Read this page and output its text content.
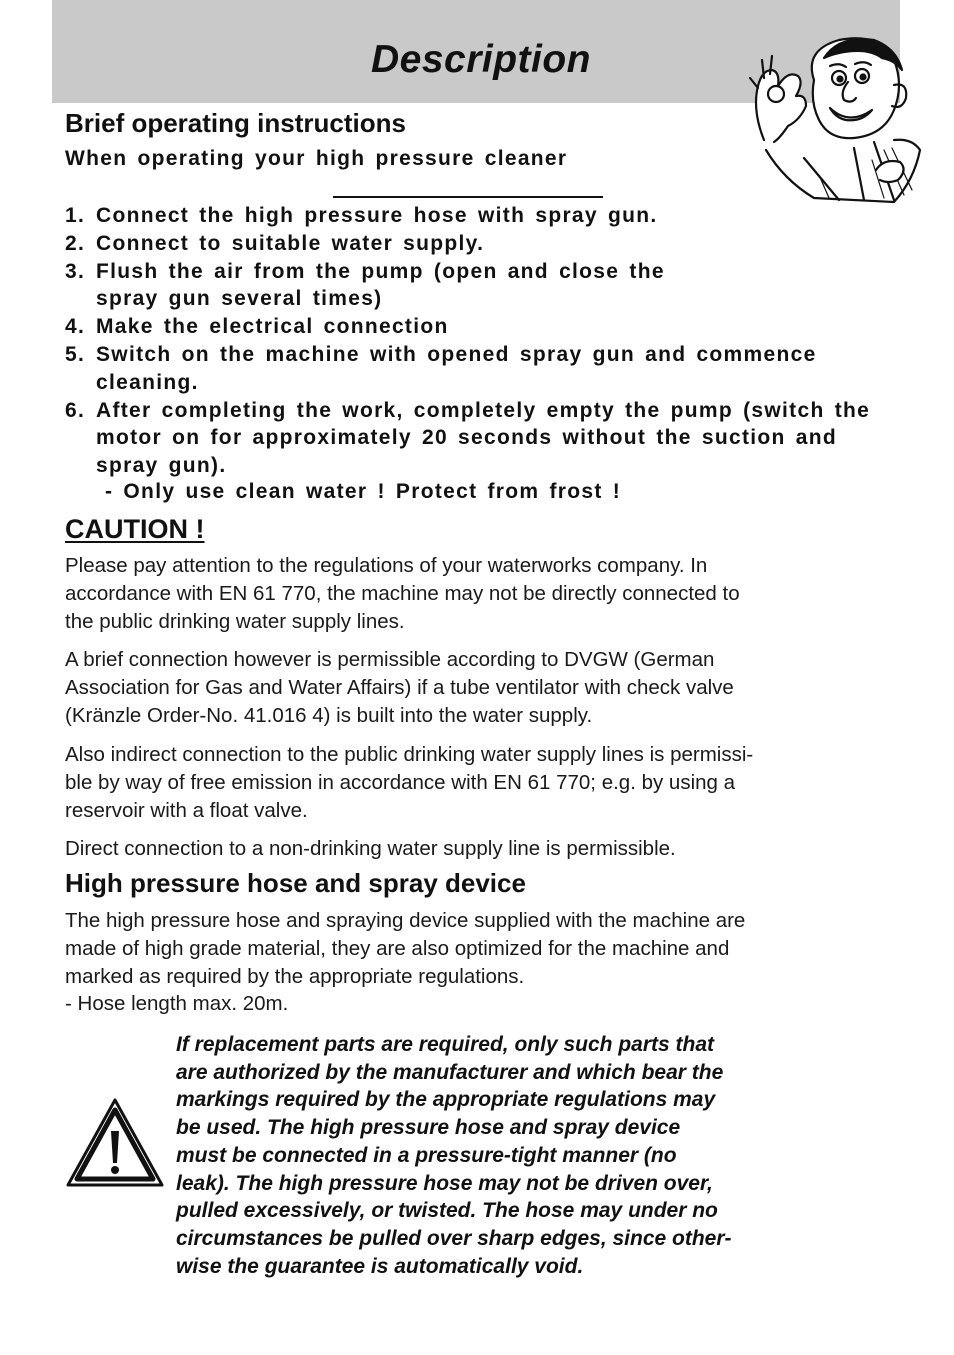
Description
Brief operating instructions

When operating your high pressure cleaner

1. Connect the high pressure hose with spray gun.
2. Connect to suitable water supply.
3. Flush the air from the pump (open and close the spray gun several times)
4. Make the electrical connection
5. Switch on the machine with opened spray gun and commence cleaning.
6. After completing the work, completely empty the pump (switch the motor on for approximately 20 seconds without the suction and spray gun).

- Only use clean water ! Protect from frost !

CAUTION !

Please pay attention to the regulations of your waterworks company. In
accordance with EN 61 770, the machine may not be directly connected to
the public drinking water supply lines.

A brief connection however is permissible according to DVGW (German
Association for Gas and Water Affairs) if a tube ventilator with check valve
(Kränzle Order-No. 41.016 4) is built into the water supply.

Also indirect connection to the public drinking water supply lines is permissi-
ble by way of free emission in accordance with EN 61 770; e.g. by using a
reservoir with a float valve.

Direct connection to a non-drinking water supply line is permissible.

High pressure hose and spray device

The high pressure hose and spraying device supplied with the machine are
made of high grade material, they are also optimized for the machine and
marked as required by the appropriate regulations.
- Hose length max. 20m.

If replacement parts are required, only such parts that
are authorized by the manufacturer and which bear the
markings required by the appropriate regulations may
be used. The high pressure hose and spray device
must be connected in a pressure-tight manner (no
leak). The high pressure hose may not be driven over,
pulled excessively, or twisted. The hose may under no
circumstances be pulled over sharp edges, since other-
wise the guarantee is automatically void.
